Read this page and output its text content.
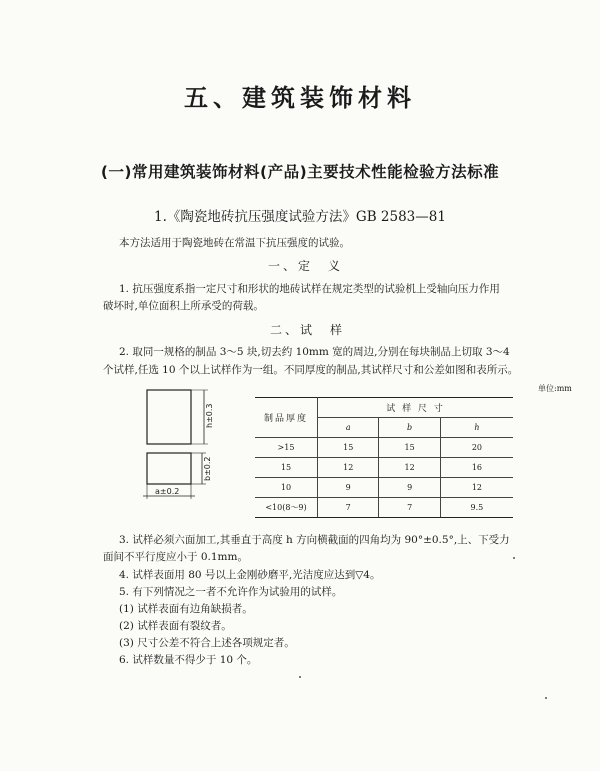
五、建筑装饰材料
(一)常用建筑装饰材料(产品)主要技术性能检验方法标准
1.《陶瓷地砖抗压强度试验方法》GB 2583—81
本方法适用于陶瓷地砖在常温下抗压强度的试验。
一、定　义
1. 抗压强度系指一定尺寸和形状的地砖试样在规定类型的试验机上受轴向压力作用
破坏时,单位面积上所承受的荷载。
二、试　样
2. 取同一规格的制品 3～5 块,切去约 10mm 宽的周边,分别在每块制品上切取 3～4
个试样,任选 10 个以上试样作为一组。不同厚度的制品,其试样尺寸和公差如图和表所示。
h±0.3
b±0.2
a±0.2
单位:mm
制品厚度	试 样 尺 寸		
	a	b	h
>15	15	15	20
15	12	12	16
10	9	9	12
<10(8～9)	7	7	9.5
3. 试样必须六面加工,其垂直于高度 h 方向横截面的四角均为 90°±0.5°,上、下受力
面间不平行度应小于 0.1mm。
4. 试样表面用 80 号以上金刚砂磨平,光洁度应达到▽4。
5. 有下列情况之一者不允许作为试验用的试样。
(1) 试样表面有边角缺损者。
(2) 试样表面有裂纹者。
(3) 尺寸公差不符合上述各项规定者。
6. 试样数量不得少于 10 个。
